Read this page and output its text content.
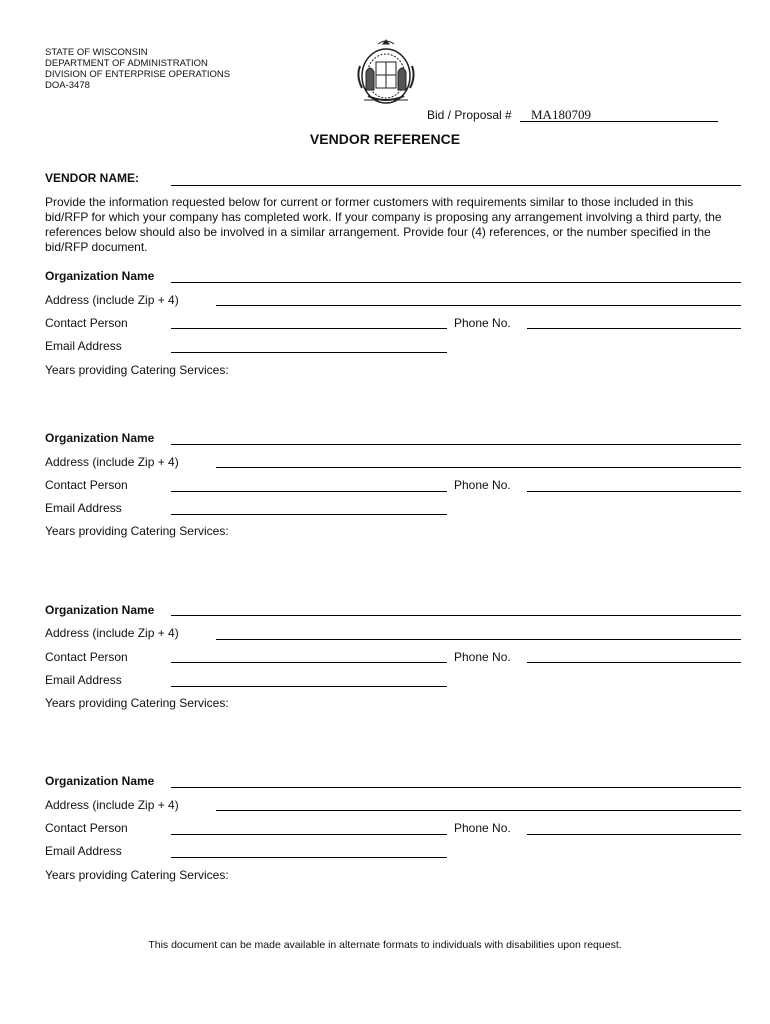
STATE OF WISCONSIN
DEPARTMENT OF ADMINISTRATION
DIVISION OF ENTERPRISE OPERATIONS
DOA-3478
Bid / Proposal # MA180709
VENDOR REFERENCE
VENDOR NAME:
Provide the information requested below for current or former customers with requirements similar to those included in this bid/RFP for which your company has completed work. If your company is proposing any arrangement involving a third party, the references below should also be involved in a similar arrangement. Provide four (4) references, or the number specified in the bid/RFP document.
Organization Name
Address (include Zip + 4)
Contact Person	Phone No.
Email Address
Years providing Catering Services:
Organization Name
Address (include Zip + 4)
Contact Person	Phone No.
Email Address
Years providing Catering Services:
Organization Name
Address (include Zip + 4)
Contact Person	Phone No.
Email Address
Years providing Catering Services:
Organization Name
Address (include Zip + 4)
Contact Person	Phone No.
Email Address
Years providing Catering Services:
This document can be made available in alternate formats to individuals with disabilities upon request.
